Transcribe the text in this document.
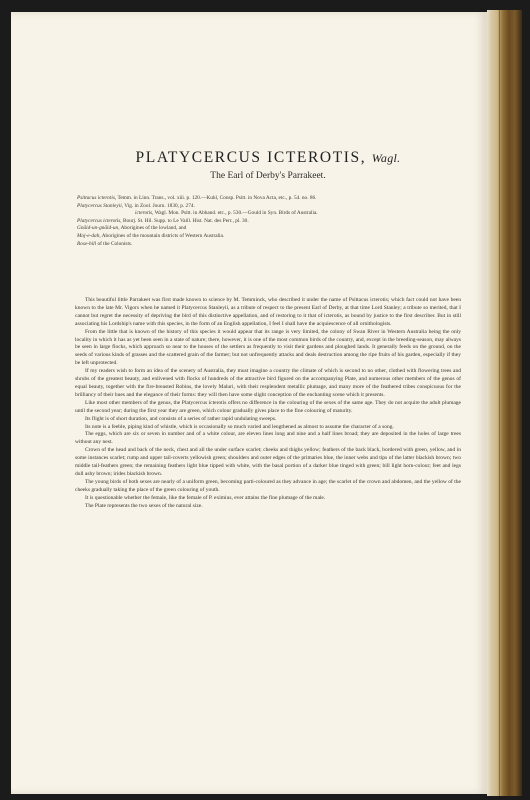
PLATYCERCUS ICTEROTIS, Wagl.
The Earl of Derby's Parrakeet.
Psittacus icterotis, Temm. in Linn. Trans., vol. xiii. p. 120.—Kuhl, Consp. Psitt. in Nova Acta, etc., p. 54. no. 86.
Platycercus Stanleyii, Vig. in Zool. Journ. 1830, p. 274.
icterotis, Wagl. Mon. Psitt. in Abhand. etc., p. 530.—Gould in Syn. Birds of Australia.
Platycercus icterotis, Bourj. St. Hil. Supp. to Le Vaill. Hist. Nat. des Perr., pl. 30.
Gnãid-un-gnãid-un, Aborigines of the lowland, and
Moj-e-dah, Aborigines of the mountain districts of Western Australia.
Rose-hill of the Colonists.

This beautiful little Parrakeet was first made known to science by M. Temminck, who described it under the name of Psittacus icterotis; which fact could not have been known to the late Mr. Vigors when he named it Platycercus Stanleyii, as a tribute of respect to the present Earl of Derby, at that time Lord Stanley; a tribute so merited, that I cannot but regret the necessity of depriving the bird of this distinctive appellation, and of restoring to it that of icterotis, as bound by justice to the first describer. But in still associating his Lordship's name with this species, in the form of an English appellation, I feel I shall have the acquiescence of all ornithologists.

From the little that is known of the history of this species it would appear that its range is very limited, the colony of Swan River in Western Australia being the only locality in which it has as yet been seen in a state of nature; there, however, it is one of the most common birds of the country, and, except in the breeding-season, may always be seen in large flocks, which approach so near to the houses of the settlers as frequently to visit their gardens and ploughed lands. It generally feeds on the ground, on the seeds of various kinds of grasses and the scattered grain of the farmer; but not unfrequently attacks and deals destruction among the ripe fruits of his garden, especially if they be left unprotected.

If my readers wish to form an idea of the scenery of Australia, they must imagine a country the climate of which is second to no other, clothed with flowering trees and shrubs of the greatest beauty, and enlivened with flocks of hundreds of the attractive bird figured on the accompanying Plate, and numerous other members of the genus of equal beauty, together with the fire-breasted Robins, the lovely Maluri, with their resplendent metallic plumage, and many more of the feathered tribes conspicuous for the brilliancy of their hues and the elegance of their forms: they will then have some slight conception of the enchanting scene which it presents.

Like most other members of the genus, the Platycercus icterotis offers no difference in the colouring of the sexes of the same age. They do not acquire the adult plumage until the second year; during the first year they are green, which colour gradually gives place to the fine colouring of maturity.

Its flight is of short duration, and consists of a series of rather rapid undulating sweeps.

Its note is a feeble, piping kind of whistle, which is occasionally so much varied and lengthened as almost to assume the character of a song.

The eggs, which are six or seven in number and of a white colour, are eleven lines long and nine and a half lines broad; they are deposited in the holes of large trees without any nest.

Crown of the head and back of the neck, chest and all the under surface scarlet; cheeks and thighs yellow; feathers of the back black, bordered with green, yellow, and in some instances scarlet; rump and upper tail-coverts yellowish green; shoulders and outer edges of the primaries blue, the inner webs and tips of the latter blackish brown; two middle tail-feathers green; the remaining feathers light blue tipped with white, with the basal portion of a darker blue tinged with green; bill light horn-colour; feet and legs dull ashy brown; irides blackish brown.

The young birds of both sexes are nearly of a uniform green, becoming parti-coloured as they advance in age; the scarlet of the crown and abdomen, and the yellow of the cheeks gradually taking the place of the green colouring of youth.

It is questionable whether the female, like the female of P. eximius, ever attains the fine plumage of the male.

The Plate represents the two sexes of the natural size.
